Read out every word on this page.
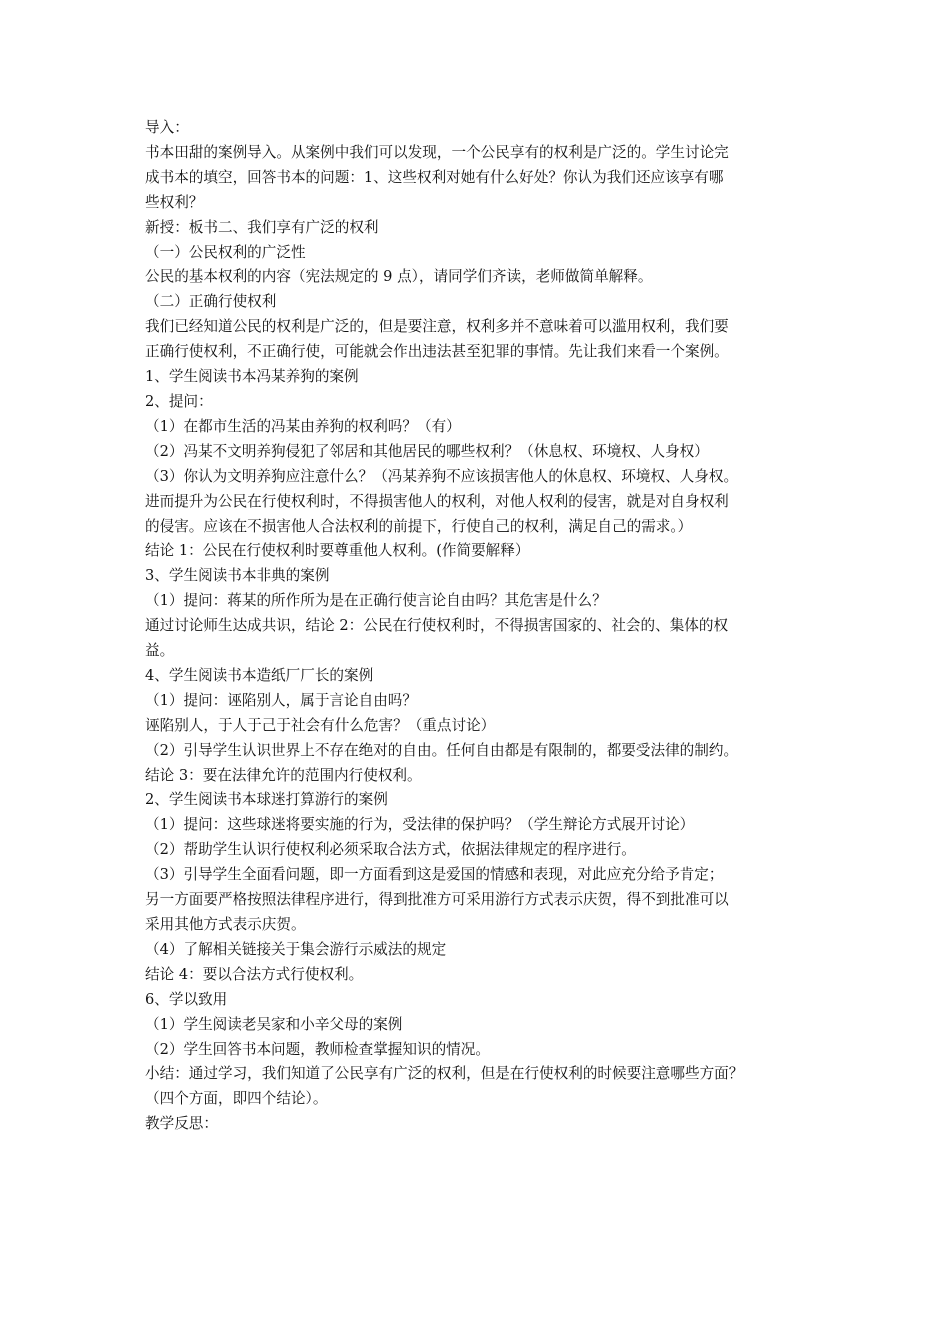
导入：
书本田甜的案例导入。从案例中我们可以发现，一个公民享有的权利是广泛的。学生讨论完
成书本的填空，回答书本的问题：1、这些权利对她有什么好处？你认为我们还应该享有哪
些权利？
新授：板书二、我们享有广泛的权利
（一）公民权利的广泛性
公民的基本权利的内容（宪法规定的 9 点），请同学们齐读，老师做简单解释。
（二）正确行使权利
我们已经知道公民的权利是广泛的，但是要注意，权利多并不意味着可以滥用权利，我们要
正确行使权利，不正确行使，可能就会作出违法甚至犯罪的事情。先让我们来看一个案例。
1、学生阅读书本冯某养狗的案例
2、提问：
（1）在都市生活的冯某由养狗的权利吗？（有）
（2）冯某不文明养狗侵犯了邻居和其他居民的哪些权利？（休息权、环境权、人身权）
（3）你认为文明养狗应注意什么？（冯某养狗不应该损害他人的休息权、环境权、人身权。
进而提升为公民在行使权利时，不得损害他人的权利，对他人权利的侵害，就是对自身权利
的侵害。应该在不损害他人合法权利的前提下，行使自己的权利，满足自己的需求。）
结论 1：公民在行使权利时要尊重他人权利。(作简要解释）
3、学生阅读书本非典的案例
（1）提问：蒋某的所作所为是在正确行使言论自由吗？其危害是什么？
通过讨论师生达成共识，结论 2：公民在行使权利时，不得损害国家的、社会的、集体的权
益。
4、学生阅读书本造纸厂厂长的案例
（1）提问：诬陷别人，属于言论自由吗？
诬陷别人，于人于己于社会有什么危害？（重点讨论）
（2）引导学生认识世界上不存在绝对的自由。任何自由都是有限制的，都要受法律的制约。
结论 3：要在法律允许的范围内行使权利。
2、学生阅读书本球迷打算游行的案例
（1）提问：这些球迷将要实施的行为，受法律的保护吗？（学生辩论方式展开讨论）
（2）帮助学生认识行使权利必须采取合法方式，依据法律规定的程序进行。
（3）引导学生全面看问题，即一方面看到这是爱国的情感和表现，对此应充分给予肯定；
另一方面要严格按照法律程序进行，得到批准方可采用游行方式表示庆贺，得不到批准可以
采用其他方式表示庆贺。
（4）了解相关链接关于集会游行示威法的规定
结论 4：要以合法方式行使权利。
6、学以致用
（1）学生阅读老吴家和小辛父母的案例
（2）学生回答书本问题，教师检查掌握知识的情况。
小结：通过学习，我们知道了公民享有广泛的权利，但是在行使权利的时候要注意哪些方面？
（四个方面，即四个结论）。
教学反思：
